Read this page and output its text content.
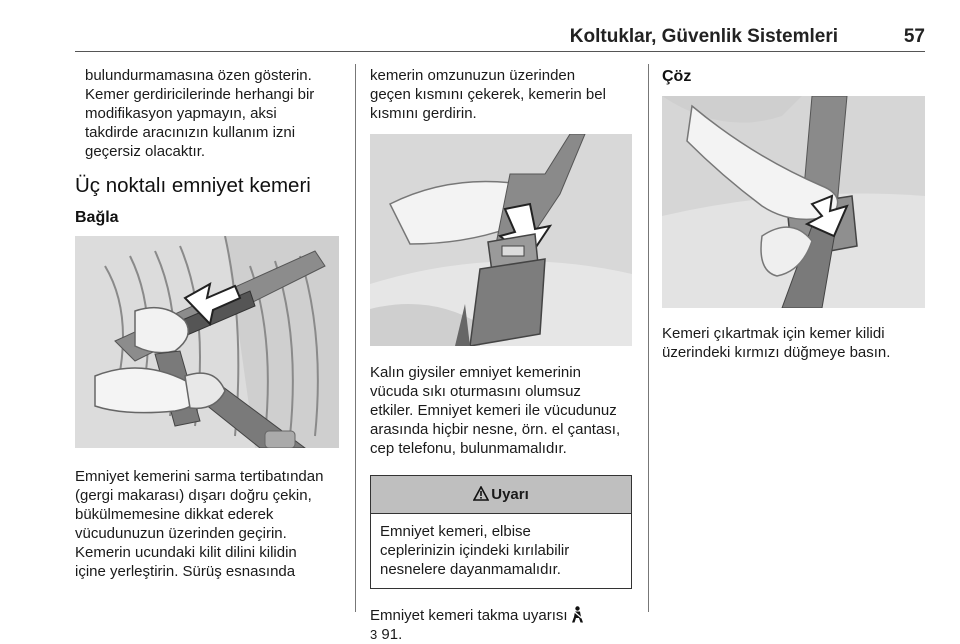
Koltuklar, Güvenlik Sistemleri	57

bulundurmamasına özen gösterin.

Kemer gerdiricilerinde herhangi bir

modifikasyon yapmayın, aksi

takdirde aracınızın kullanım izni

geçersiz olacaktır.

Üç noktalı emniyet kemeri
Bağla

Emniyet kemerini sarma tertibatından

(gergi makarası) dışarı doğru çekin,

bükülmemesine dikkat ederek

vücudunuzun üzerinden geçirin.

Kemerin ucundaki kilit dilini kilidin

içine yerleştirin. Sürüş esnasında

kemerin omzunuzun üzerinden

geçen kısmını çekerek, kemerin bel

kısmını gerdirin.

Kalın giysiler emniyet kemerinin

vücuda sıkı oturmasını olumsuz

etkiler. Emniyet kemeri ile vücudunuz

arasında hiçbir nesne, örn. el çantası,

cep telefonu, bulunmamalıdır.

Uyarı

Emniyet kemeri, elbise

ceplerinizin içindeki kırılabilir

nesnelere dayanmamalıdır.

Emniyet kemeri takma uyarısı

3 91.

Çöz

Kemeri çıkartmak için kemer kilidi

üzerindeki kırmızı düğmeye basın.
